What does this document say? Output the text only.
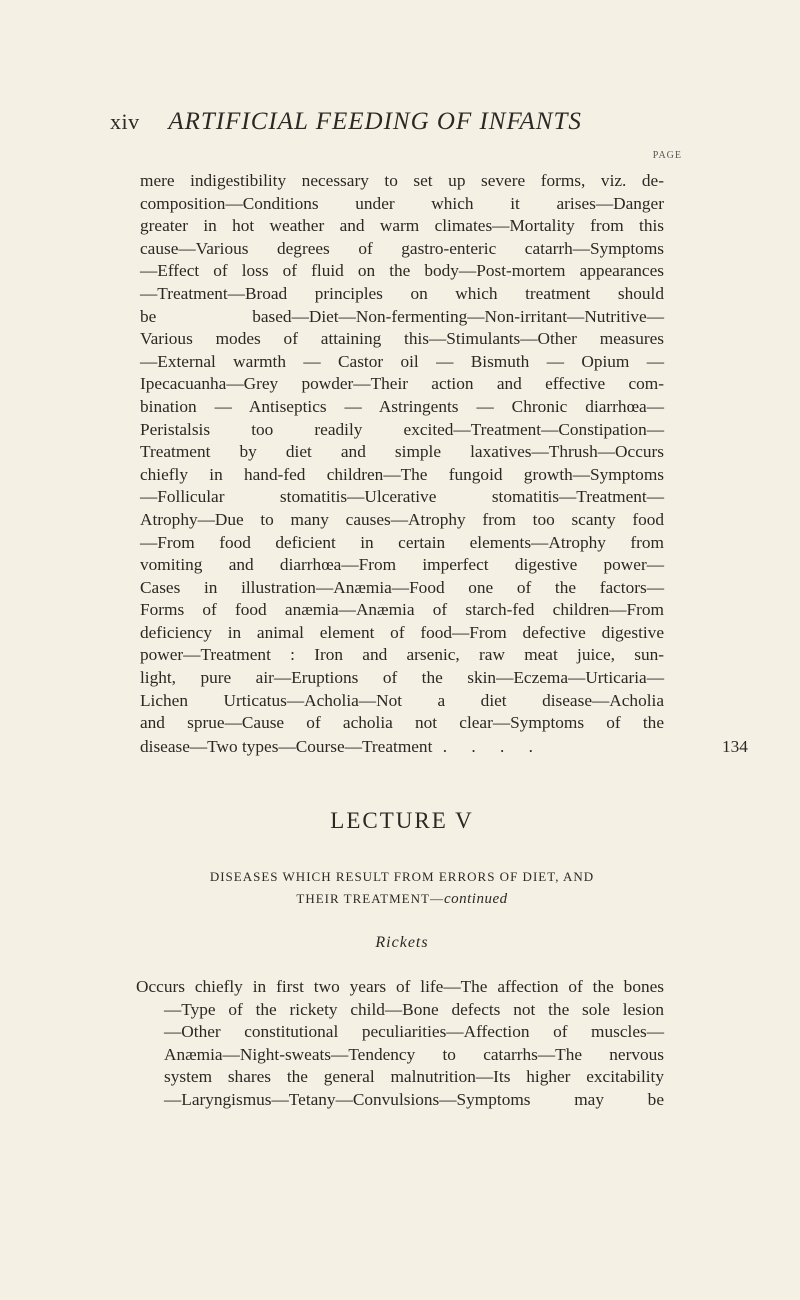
xiv ARTIFICIAL FEEDING OF INFANTS
PAGE
mere indigestibility necessary to set up severe forms, viz. de-
composition—Conditions under which it arises—Danger
greater in hot weather and warm climates—Mortality from this
cause—Various degrees of gastro-enteric catarrh—Symptoms
—Effect of loss of fluid on the body—Post-mortem appearances
—Treatment—Broad principles on which treatment should
be based—Diet—Non-fermenting—Non-irritant—Nutritive—
Various modes of attaining this—Stimulants—Other measures
—External warmth — Castor oil — Bismuth — Opium —
Ipecacuanha—Grey powder—Their action and effective com-
bination — Antiseptics — Astringents — Chronic diarrhœa—
Peristalsis too readily excited—Treatment—Constipation—
Treatment by diet and simple laxatives—Thrush—Occurs
chiefly in hand-fed children—The fungoid growth—Symptoms
—Follicular stomatitis—Ulcerative stomatitis—Treatment—
Atrophy—Due to many causes—Atrophy from too scanty food
—From food deficient in certain elements—Atrophy from
vomiting and diarrhœa—From imperfect digestive power—
Cases in illustration—Anæmia—Food one of the factors—
Forms of food anæmia—Anæmia of starch-fed children—From
deficiency in animal element of food—From defective digestive
power—Treatment : Iron and arsenic, raw meat juice, sun-
light, pure air—Eruptions of the skin—Eczema—Urticaria—
Lichen Urticatus—Acholia—Not a diet disease—Acholia
and sprue—Cause of acholia not clear—Symptoms of the
disease—Two types—Course—Treatment . . . .	134
LECTURE V
DISEASES WHICH RESULT FROM ERRORS OF DIET, AND
THEIR TREATMENT—continued
Rickets
Occurs chiefly in first two years of life—The affection of the bones
—Type of the rickety child—Bone defects not the sole lesion
—Other constitutional peculiarities—Affection of muscles—
Anæmia—Night-sweats—Tendency to catarrhs—The nervous
system shares the general malnutrition—Its higher excitability
—Laryngismus—Tetany—Convulsions—Symptoms may be
